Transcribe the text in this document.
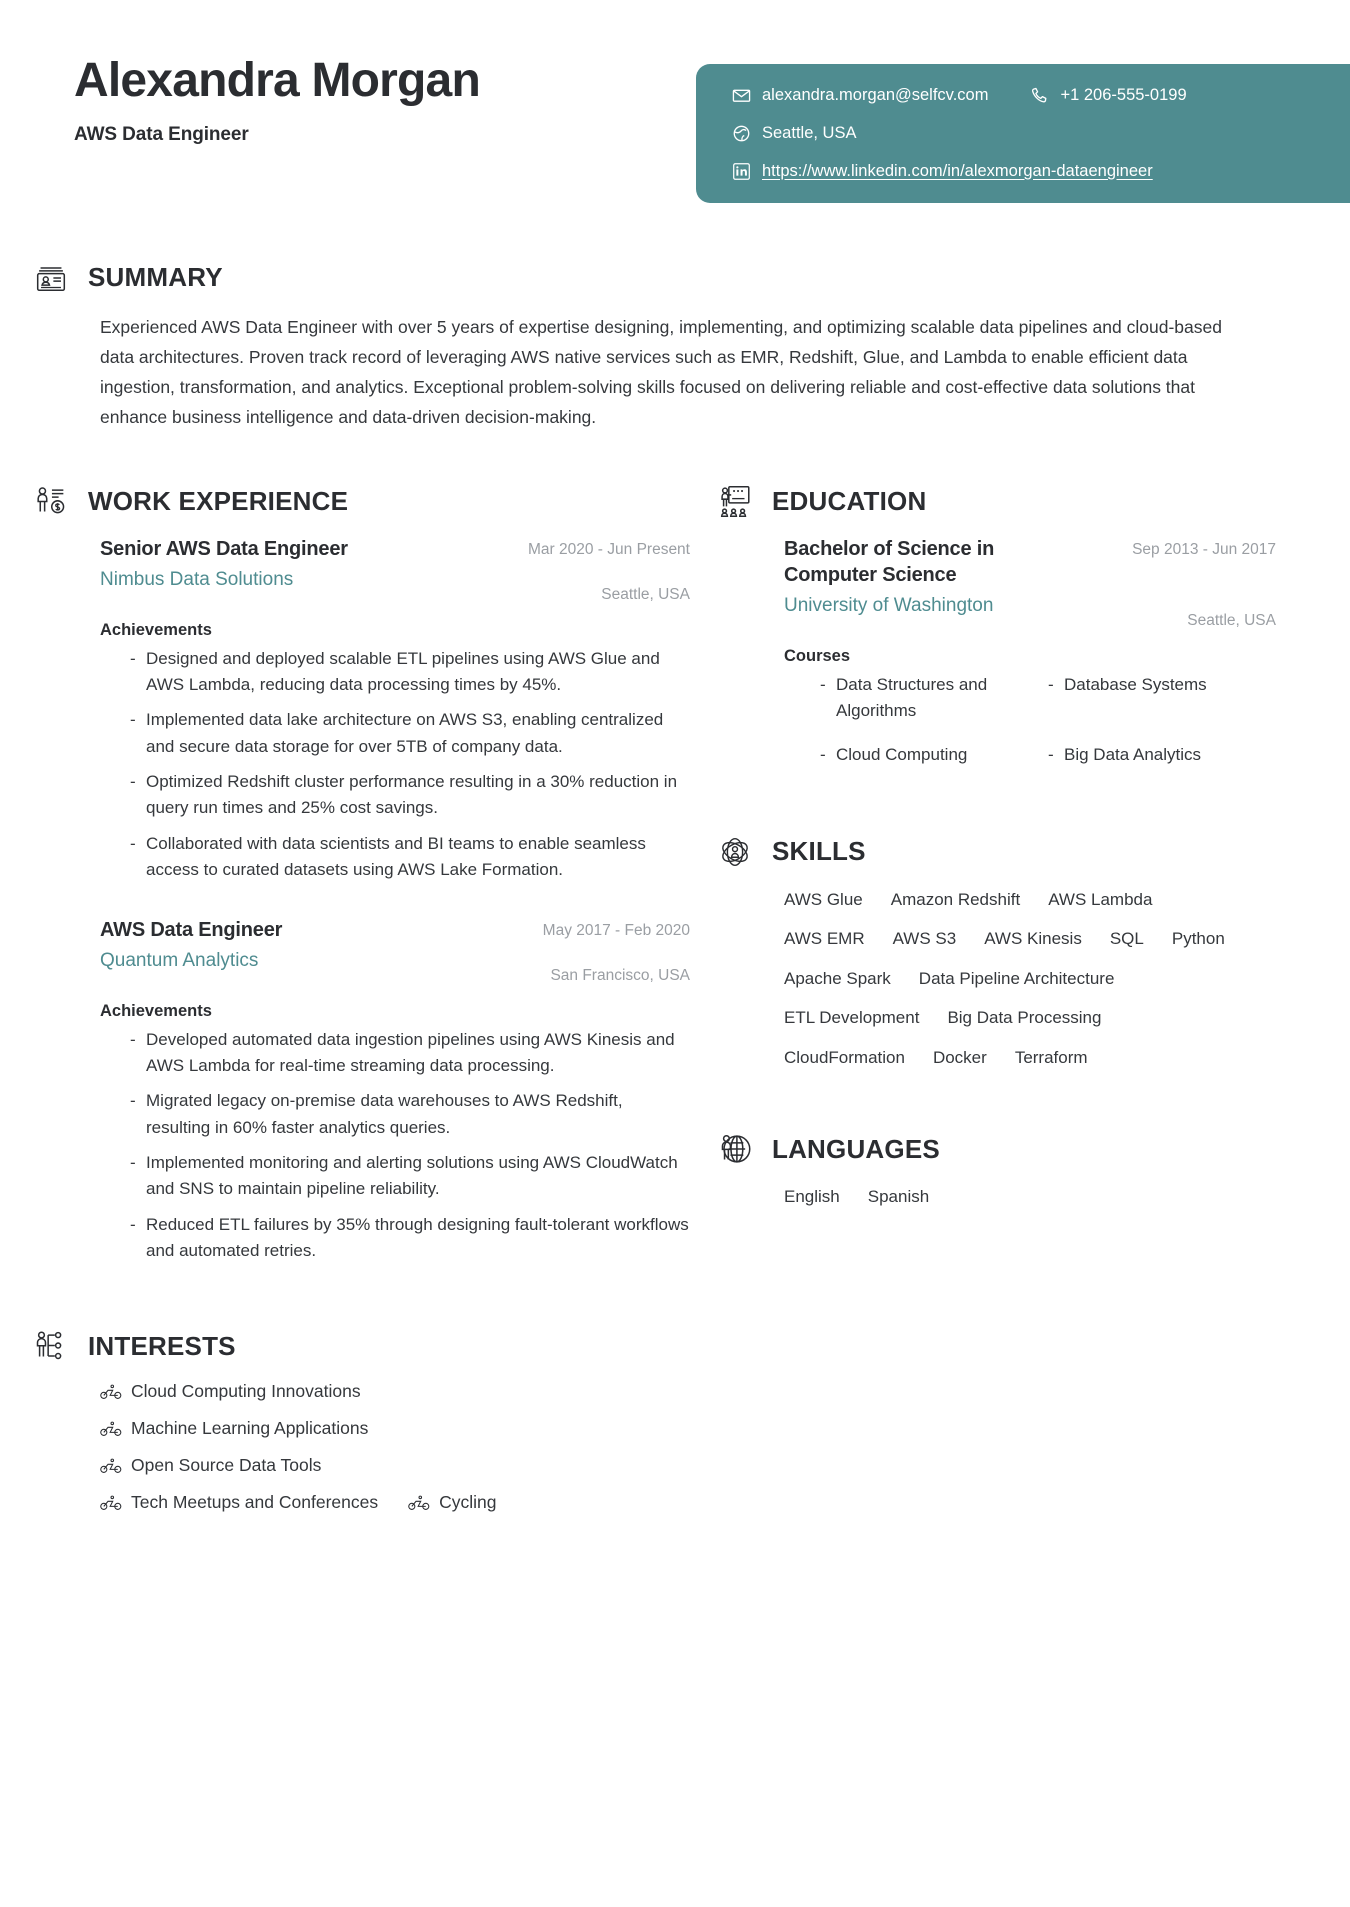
Alexandra Morgan
AWS Data Engineer
alexandra.morgan@selfcv.com	+1 206-555-0199
Seattle, USA
https://www.linkedin.com/in/alexmorgan-dataengineer
SUMMARY

Experienced AWS Data Engineer with over 5 years of expertise designing, implementing, and optimizing scalable data pipelines and cloud-based data architectures. Proven track record of leveraging AWS native services such as EMR, Redshift, Glue, and Lambda to enable efficient data ingestion, transformation, and analytics. Exceptional problem-solving skills focused on delivering reliable and cost-effective data solutions that enhance business intelligence and data-driven decision-making.

WORK EXPERIENCE
Senior AWS Data Engineer
Nimbus Data Solutions
Mar 2020 - Jun Present
Seattle, USA
Achievements
- Designed and deployed scalable ETL pipelines using AWS Glue and AWS Lambda, reducing data processing times by 45%.
- Implemented data lake architecture on AWS S3, enabling centralized and secure data storage for over 5TB of company data.
- Optimized Redshift cluster performance resulting in a 30% reduction in query run times and 25% cost savings.
- Collaborated with data scientists and BI teams to enable seamless access to curated datasets using AWS Lake Formation.
AWS Data Engineer
Quantum Analytics
May 2017 - Feb 2020
San Francisco, USA
Achievements
- Developed automated data ingestion pipelines using AWS Kinesis and AWS Lambda for real-time streaming data processing.
- Migrated legacy on-premise data warehouses to AWS Redshift, resulting in 60% faster analytics queries.
- Implemented monitoring and alerting solutions using AWS CloudWatch and SNS to maintain pipeline reliability.
- Reduced ETL failures by 35% through designing fault-tolerant workflows and automated retries.
EDUCATION
Bachelor of Science in Computer Science
University of Washington
Sep 2013 - Jun 2017
Seattle, USA
Courses
- Data Structures and Algorithms
- Database Systems
- Cloud Computing	- Big Data Analytics
SKILLS
AWS Glue Amazon Redshift AWS Lambda
AWS EMR AWS S3 AWS Kinesis SQL Python
Apache Spark Data Pipeline Architecture
ETL Development Big Data Processing
CloudFormation Docker Terraform
LANGUAGES
English Spanish
INTERESTS
Cloud Computing Innovations
Machine Learning Applications
Open Source Data Tools
Tech Meetups and Conferences	Cycling
